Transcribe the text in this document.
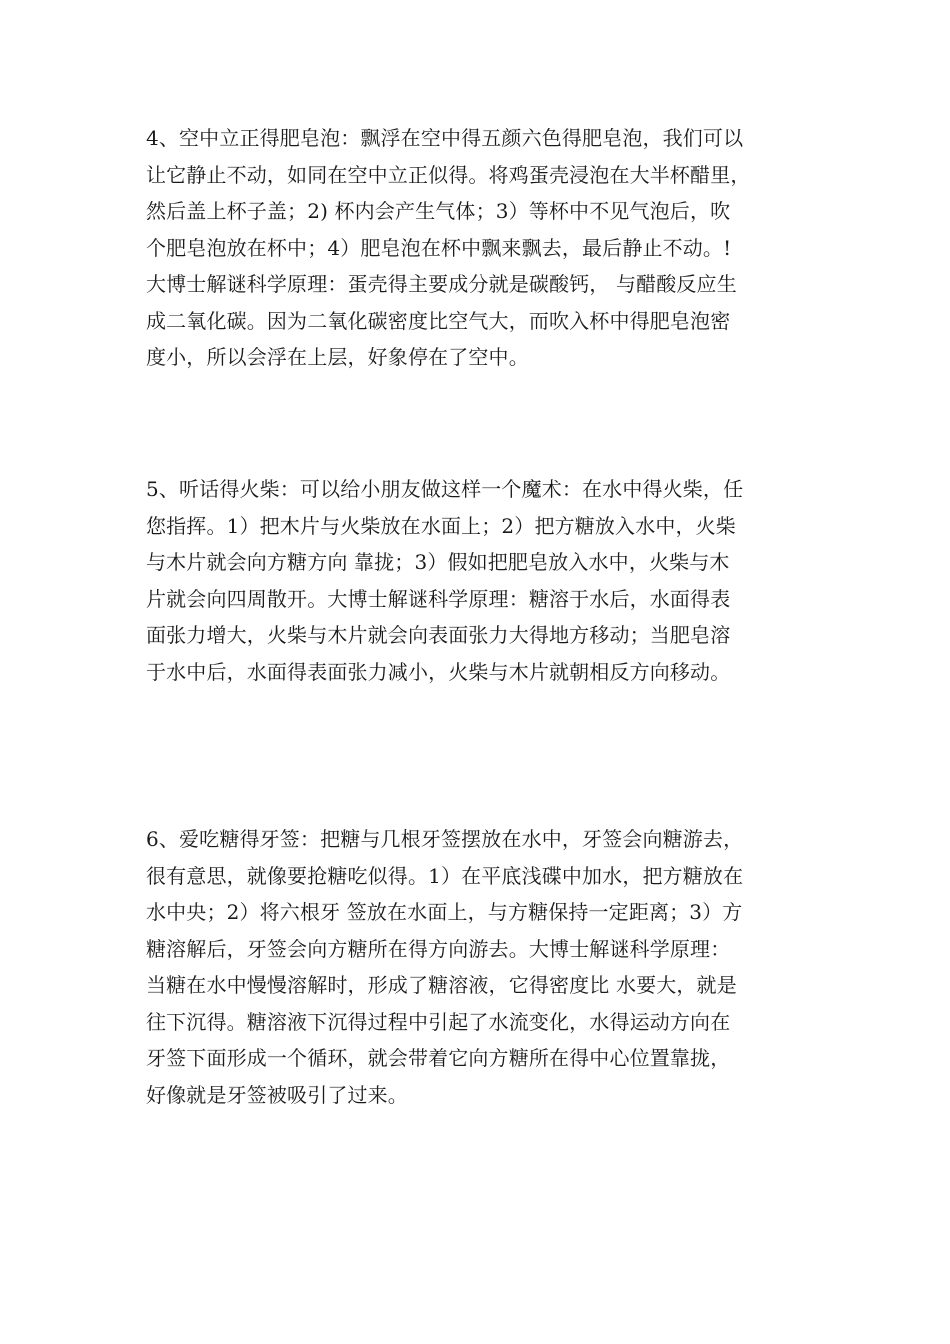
4、空中立正得肥皂泡：飘浮在空中得五颜六色得肥皂泡，我们可以
让它静止不动，如同在空中立正似得。将鸡蛋壳浸泡在大半杯醋里，
然后盖上杯子盖；2) 杯内会产生气体；3）等杯中不见气泡后，吹
个肥皂泡放在杯中；4）肥皂泡在杯中飘来飘去，最后静止不动。!
大博士解谜科学原理：蛋壳得主要成分就是碳酸钙， 与醋酸反应生
成二氧化碳。因为二氧化碳密度比空气大，而吹入杯中得肥皂泡密
度小，所以会浮在上层，好象停在了空中。

5、听话得火柴：可以给小朋友做这样一个魔术：在水中得火柴，任
您指挥。1）把木片与火柴放在水面上；2）把方糖放入水中，火柴
与木片就会向方糖方向 靠拢；3）假如把肥皂放入水中，火柴与木
片就会向四周散开。大博士解谜科学原理：糖溶于水后，水面得表
面张力增大，火柴与木片就会向表面张力大得地方移动；当肥皂溶
于水中后，水面得表面张力减小，火柴与木片就朝相反方向移动。

6、爱吃糖得牙签：把糖与几根牙签摆放在水中，牙签会向糖游去，
很有意思，就像要抢糖吃似得。1）在平底浅碟中加水，把方糖放在
水中央；2）将六根牙 签放在水面上，与方糖保持一定距离；3）方
糖溶解后，牙签会向方糖所在得方向游去。大博士解谜科学原理：
当糖在水中慢慢溶解时，形成了糖溶液，它得密度比 水要大，就是
往下沉得。糖溶液下沉得过程中引起了水流变化，水得运动方向在
牙签下面形成一个循环，就会带着它向方糖所在得中心位置靠拢，
好像就是牙签被吸引了过来。
